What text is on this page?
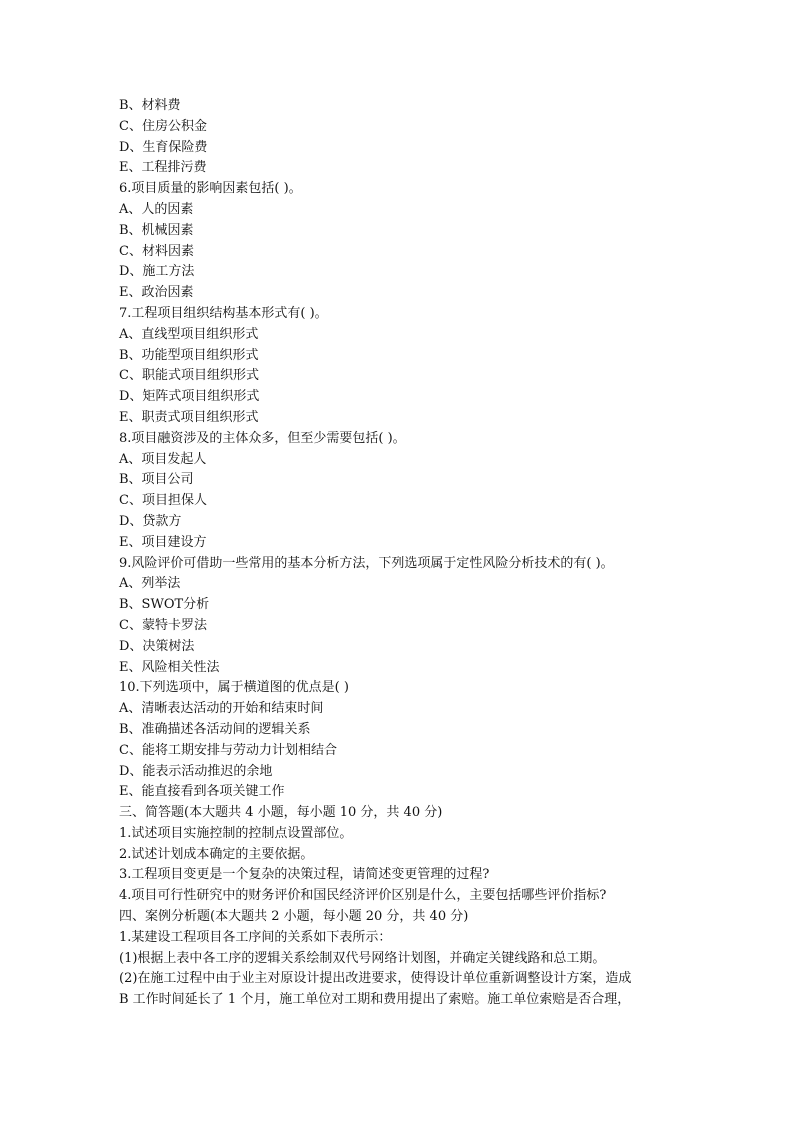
B、材料费
C、住房公积金
D、生育保险费
E、工程排污费
6.项目质量的影响因素包括( )。
A、人的因素
B、机械因素
C、材料因素
D、施工方法
E、政治因素
7.工程项目组织结构基本形式有( )。
A、直线型项目组织形式
B、功能型项目组织形式
C、职能式项目组织形式
D、矩阵式项目组织形式
E、职责式项目组织形式
8.项目融资涉及的主体众多，但至少需要包括( )。
A、项目发起人
B、项目公司
C、项目担保人
D、贷款方
E、项目建设方
9.风险评价可借助一些常用的基本分析方法，下列选项属于定性风险分析技术的有( )。
A、列举法
B、SWOT分析
C、蒙特卡罗法
D、决策树法
E、风险相关性法
10.下列选项中，属于横道图的优点是( )
A、清晰表达活动的开始和结束时间
B、准确描述各活动间的逻辑关系
C、能将工期安排与劳动力计划相结合
D、能表示活动推迟的余地
E、能直接看到各项关键工作
三、简答题(本大题共 4 小题，每小题 10 分，共 40 分)
1.试述项目实施控制的控制点设置部位。
2.试述计划成本确定的主要依据。
3.工程项目变更是一个复杂的决策过程，请简述变更管理的过程?
4.项目可行性研究中的财务评价和国民经济评价区别是什么，主要包括哪些评价指标?
四、案例分析题(本大题共 2 小题，每小题 20 分，共 40 分)
1.某建设工程项目各工序间的关系如下表所示：
(1)根据上表中各工序的逻辑关系绘制双代号网络计划图，并确定关键线路和总工期。
(2)在施工过程中由于业主对原设计提出改进要求，使得设计单位重新调整设计方案，造成
B 工作时间延长了 1 个月，施工单位对工期和费用提出了索赔。施工单位索赔是否合理，
